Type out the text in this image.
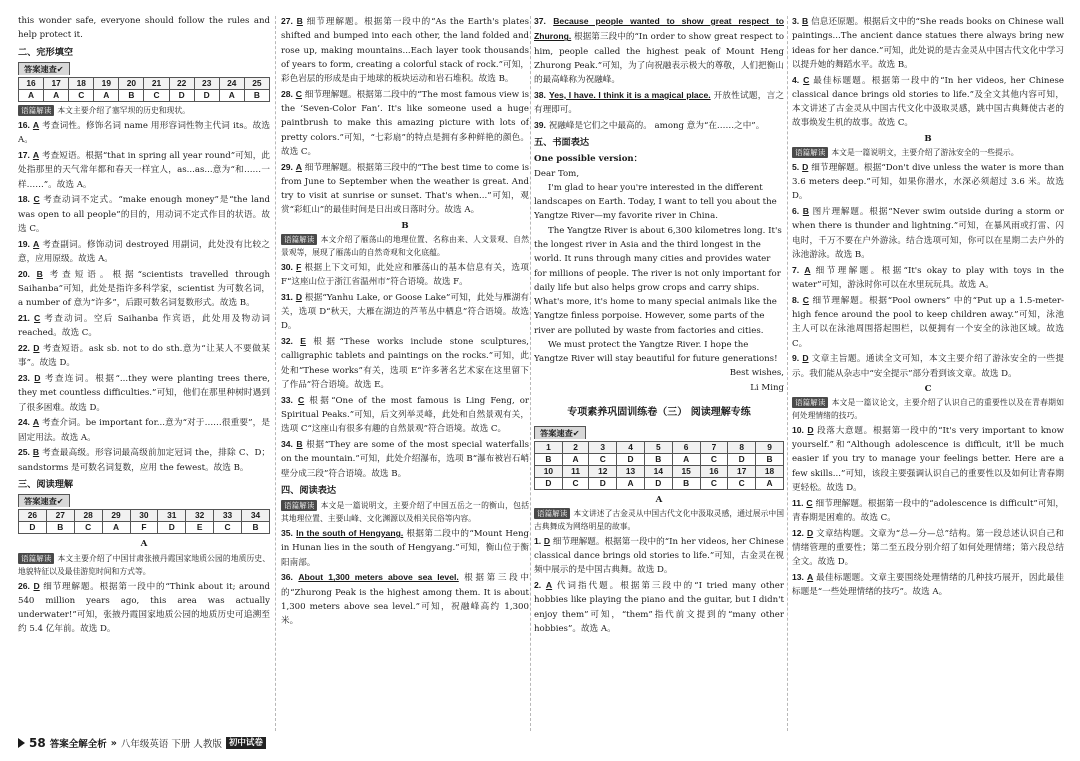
this wonder safe, everyone should follow the rules and help protect it.

二、完形填空
答案速查✔
16	17	18	19	20	21	22	23	24	25
A	A	C	A	B	C	D	D	A	B

语篇解读 本文主要介绍了塞罕坝的历史和现状。

16. A 考查词性。修饰名词 name 用形容词性物主代词 its。故选 A。

17. A 考查短语。根据“that in spring all year round”可知，此处指那里的天气常年都和春天一样宜人，as...as...意为“和……一样……”。故选 A。

18. C 考查动词不定式。“make enough money”是“the land was open to all people”的目的，用动词不定式作目的状语。故选 C。

19. A 考查副词。修饰动词 destroyed 用副词，此处没有比较之意，应用原级。故选 A。

20. B 考查短语。根据“scientists travelled through Saihanba”可知，此处是指许多科学家，scientist 为可数名词，a number of 意为“许多”，后跟可数名词复数形式。故选 B。

21. C 考查动词。空后 Saihanba 作宾语，此处用及物动词 reached。故选 C。

22. D 考查短语。ask sb. not to do sth.意为“让某人不要做某事”。故选 D。

23. D 考查连词。根据“...they were planting trees there, they met countless difficulties.”可知，他们在那里种树时遇到了很多困难。故选 D。

24. A 考查介词。be important for...意为“对于……很重要”，是固定用法。故选 A。

25. B 考查最高级。形容词最高级前加定冠词 the，排除 C、D；sandstorms 是可数名词复数，应用 the fewest。故选 B。

三、阅读理解
答案速查✔
26	27	28	29	30	31	32	33	34
D	B	C	A	F	D	E	C	B
A

语篇解读 本文主要介绍了中国甘肃张掖丹霞国家地质公园的地质历史、地貌特征以及最佳游览时间和方式等。

26. D 细节理解题。根据第一段中的“Think about it; around 540 million years ago, this area was actually underwater!”可知，张掖丹霞国家地质公园的地质历史可追溯至约 5.4 亿年前。故选 D。

27. B 细节理解题。根据第一段中的“As the Earth's plates shifted and bumped into each other, the land folded and rose up, making mountains...Each layer took thousands of years to form, creating a colorful stack of rock.”可知，彩色岩层的形成是由于地球的板块运动和岩石堆积。故选 B。

28. C 细节理解题。根据第二段中的“The most famous view is the ‘Seven-Color Fan’. It's like someone used a huge paintbrush to make this amazing picture with lots of pretty colors.”可知，“七彩扇”的特点是拥有多种鲜艳的颜色。故选 C。

29. A 细节理解题。根据第三段中的“The best time to come is from June to September when the weather is great. And try to visit at sunrise or sunset. That's when...”可知，观赏“彩虹山”的最佳时间是日出或日落时分。故选 A。

B

语篇解读 本文介绍了雁荡山的地理位置、名称由来、人文景观、自然景观等，展现了雁荡山的自然奇观和文化底蕴。

30. F 根据上下文可知，此处应和雁荡山的基本信息有关，选项 F“这座山位于浙江省温州市”符合语境。故选 F。

31. D 根据“Yanhu Lake, or Goose Lake”可知，此处与雁湖有关，选项 D“秋天，大雁在湖边的芦苇丛中栖息”符合语境。故选 D。

32. E 根据“These works include stone sculptures, calligraphic tablets and paintings on the rocks.”可知，此处和“These works”有关，选项 E“许多著名艺术家在这里留下了作品”符合语境。故选 E。

33. C 根据“One of the most famous is Ling Feng, or Spiritual Peaks.”可知，后文列举灵峰，此处和自然景观有关，选项 C“这座山有很多有趣的自然景观”符合语境。故选 C。

34. B 根据“They are some of the most special waterfalls on the mountain.”可知，此处介绍瀑布，选项 B“瀑布被岩石峭壁分成三段”符合语境。故选 B。

四、阅读表达

语篇解读 本文是一篇说明文，主要介绍了中国五岳之一的衡山，包括其地理位置、主要山峰、文化渊源以及相关民俗等内容。

35. In the south of Hengyang. 根据第二段中的“Mount Heng in Hunan lies in the south of Hengyang.”可知，衡山位于衡阳南部。

36. About 1,300 meters above sea level. 根据第三段中的“Zhurong Peak is the highest among them. It is about 1,300 meters above sea level.”可知，祝融峰高约 1,300 米。

37. Because people wanted to show great respect to Zhurong. 根据第三段中的“In order to show great respect to him, people called the highest peak of Mount Heng Zhurong Peak.”可知，为了向祝融表示极大的尊敬，人们把衡山的最高峰称为祝融峰。

38. Yes, I have. I think it is a magical place. 开放性试题，言之有理即可。

39. 祝融峰是它们之中最高的。 among 意为“在……之中”。

五、书面表达

One possible version：

Dear Tom,

I'm glad to hear you're interested in the different landscapes on Earth. Today, I want to tell you about the Yangtze River—my favorite river in China.

The Yangtze River is about 6,300 kilometres long. It's the longest river in Asia and the third longest in the world. It runs through many cities and provides water for millions of people. The river is not only important for daily life but also helps grow crops and carry ships. What's more, it's home to many special animals like the Yangtze finless porpoise. However, some parts of the river are polluted by waste from factories and cities.

We must protect the Yangtze River. I hope the Yangtze River will stay beautiful for future generations!

Best wishes,

Li Ming

专项素养巩固训练卷（三） 阅读理解专练
答案速查✔
1	2	3	4	5	6	7	8	9
B	A	C	D	B	A	C	D	B
10	11	12	13	14	15	16	17	18
D	C	D	A	D	B	C	C	A
A

语篇解读 本文讲述了古金灵从中国古代文化中汲取灵感，通过展示中国古典舞成为网络明星的故事。

1. D 细节理解题。根据第一段中的“In her videos, her Chinese classical dance brings old stories to life.”可知，古金灵在视频中展示的是中国古典舞。故选 D。

2. A 代词指代题。根据第三段中的“I tried many other hobbies like playing the piano and the guitar, but I didn't enjoy them”可知，“them”指代前文提到的“many other hobbies”。故选 A。

3. B 信息还原题。根据后文中的“She reads books on Chinese wall paintings...The ancient dance statues there always bring new ideas for her dance.”可知，此处说的是古金灵从中国古代文化中学习以提升她的舞蹈水平。故选 B。

4. C 最佳标题题。根据第一段中的“In her videos, her Chinese classical dance brings old stories to life.”及全文其他内容可知，本文讲述了古金灵从中国古代文化中汲取灵感，跳中国古典舞使古老的故事焕发生机的故事。故选 C。

B

语篇解读 本文是一篇说明文，主要介绍了游泳安全的一些提示。

5. D 细节理解题。根据“Don't dive unless the water is more than 3.6 meters deep.”可知，如果你潜水，水深必须超过 3.6 米。故选 D。

6. B 图片理解题。根据“Never swim outside during a storm or when there is thunder and lightning.”可知，在暴风雨或打雷、闪电时，千万不要在户外游泳。结合选项可知，你可以在星期二去户外的泳池游泳。故选 B。

7. A 细节理解题。根据“It's okay to play with toys in the water”可知，游泳时你可以在水里玩玩具。故选 A。

8. C 细节理解题。根据“Pool owners” 中的“Put up a 1.5-meter-high fence around the pool to keep children away.”可知，泳池主人可以在泳池周围搭起围栏，以便拥有一个安全的泳池区域。故选 C。

9. D 文章主旨题。通读全文可知，本文主要介绍了游泳安全的一些提示。我们能从杂志中“安全提示”部分看到该文章。故选 D。

C

语篇解读 本文是一篇议论文，主要介绍了认识自己的重要性以及在青春期如何处理情绪的技巧。

10. D 段落大意题。根据第一段中的“It's very important to know yourself.”和“Although adolescence is difficult, it'll be much easier if you try to manage your feelings better. Here are a few skills...”可知，该段主要强调认识自己的重要性以及如何让青春期更轻松。故选 D。

11. C 细节理解题。根据第一段中的“adolescence is difficult”可知，青春期是困难的。故选 C。

12. D 文章结构题。文章为“总—分—总”结构。第一段总述认识自己和情绪管理的重要性；第二至五段分别介绍了如何处理情绪；第六段总结全文。故选 D。

13. A 最佳标题题。文章主要围绕处理情绪的几种技巧展开，因此最佳标题是“一些处理情绪的技巧”。故选 A。

58 答案全解全析 » 八年级英语 下册 人教版 初中试卷
